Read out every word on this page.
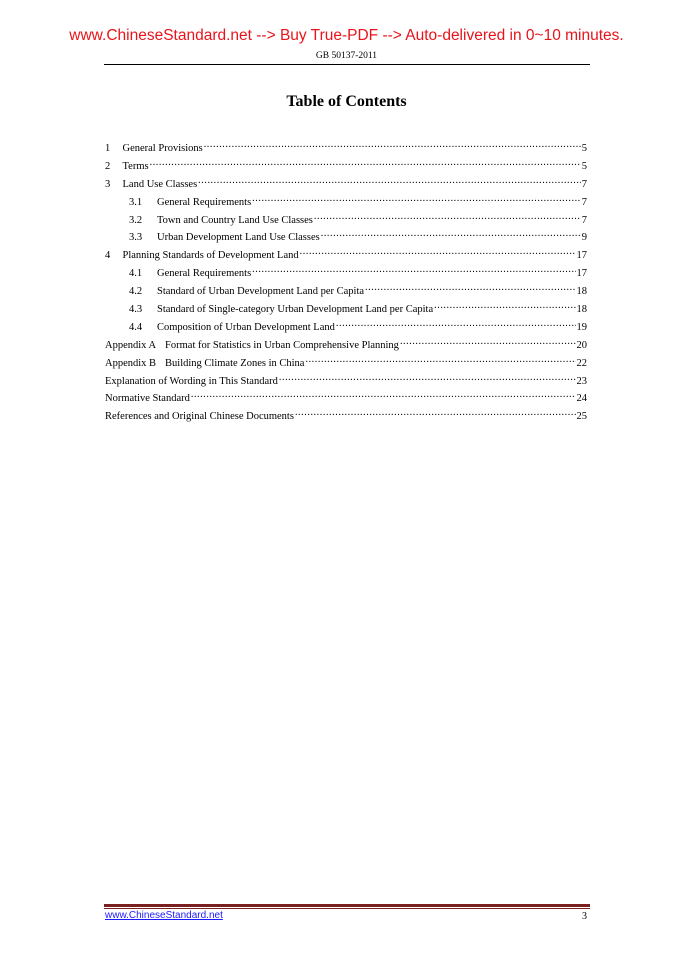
www.ChineseStandard.net --> Buy True-PDF --> Auto-delivered in 0~10 minutes.
GB 50137-2011
Table of Contents
1	General Provisions .....	5
2	Terms .....	5
3	Land Use Classes .....	7
3.1	General Requirements .....	7
3.2	Town and Country Land Use Classes .....	7
3.3	Urban Development Land Use Classes .....	9
4	Planning Standards of Development Land .....	17
4.1	General Requirements .....	17
4.2	Standard of Urban Development Land per Capita .....	18
4.3	Standard of Single-category Urban Development Land per Capita .....	18
4.4	Composition of Urban Development Land .....	19
Appendix A Format for Statistics in Urban Comprehensive Planning .....	20
Appendix B Building Climate Zones in China .....	22
Explanation of Wording in This Standard .....	23
Normative Standard .....	24
References and Original Chinese Documents .....	25
www.ChineseStandard.net	3
